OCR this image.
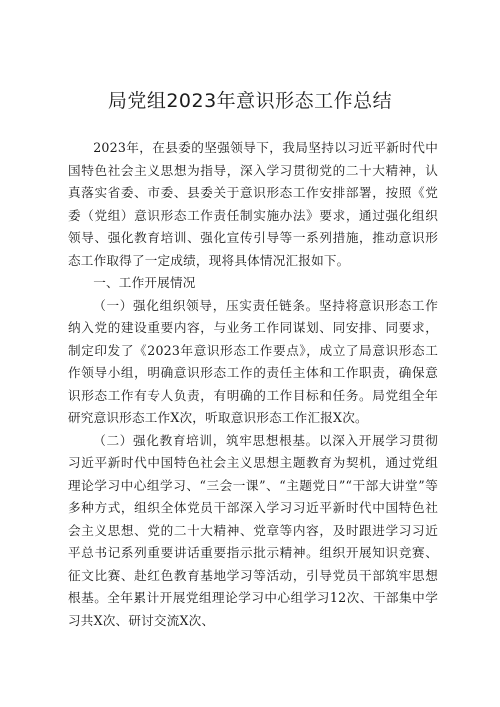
局党组2023年意识形态工作总结

2023年，在县委的坚强领导下，我局坚持以习近平新时代中国特色社会主义思想为指导，深入学习贯彻党的二十大精神，认真落实省委、市委、县委关于意识形态工作安排部署，按照《党委（党组）意识形态工作责任制实施办法》要求，通过强化组织领导、强化教育培训、强化宣传引导等一系列措施，推动意识形态工作取得了一定成绩，现将具体情况汇报如下。

一、工作开展情况

（一）强化组织领导，压实责任链条。坚持将意识形态工作纳入党的建设重要内容，与业务工作同谋划、同安排、同要求，制定印发了《2023年意识形态工作要点》，成立了局意识形态工作领导小组，明确意识形态工作的责任主体和工作职责，确保意识形态工作有专人负责，有明确的工作目标和任务。局党组全年研究意识形态工作X次，听取意识形态工作汇报X次。

（二）强化教育培训，筑牢思想根基。以深入开展学习贯彻习近平新时代中国特色社会主义思想主题教育为契机，通过党组理论学习中心组学习、“三会一课”、“主题党日”“干部大讲堂”等多种方式，组织全体党员干部深入学习习近平新时代中国特色社会主义思想、党的二十大精神、党章等内容，及时跟进学习习近平总书记系列重要讲话重要指示批示精神。组织开展知识竞赛、征文比赛、赴红色教育基地学习等活动，引导党员干部筑牢思想根基。全年累计开展党组理论学习中心组学习12次、干部集中学习共X次、研讨交流X次、
